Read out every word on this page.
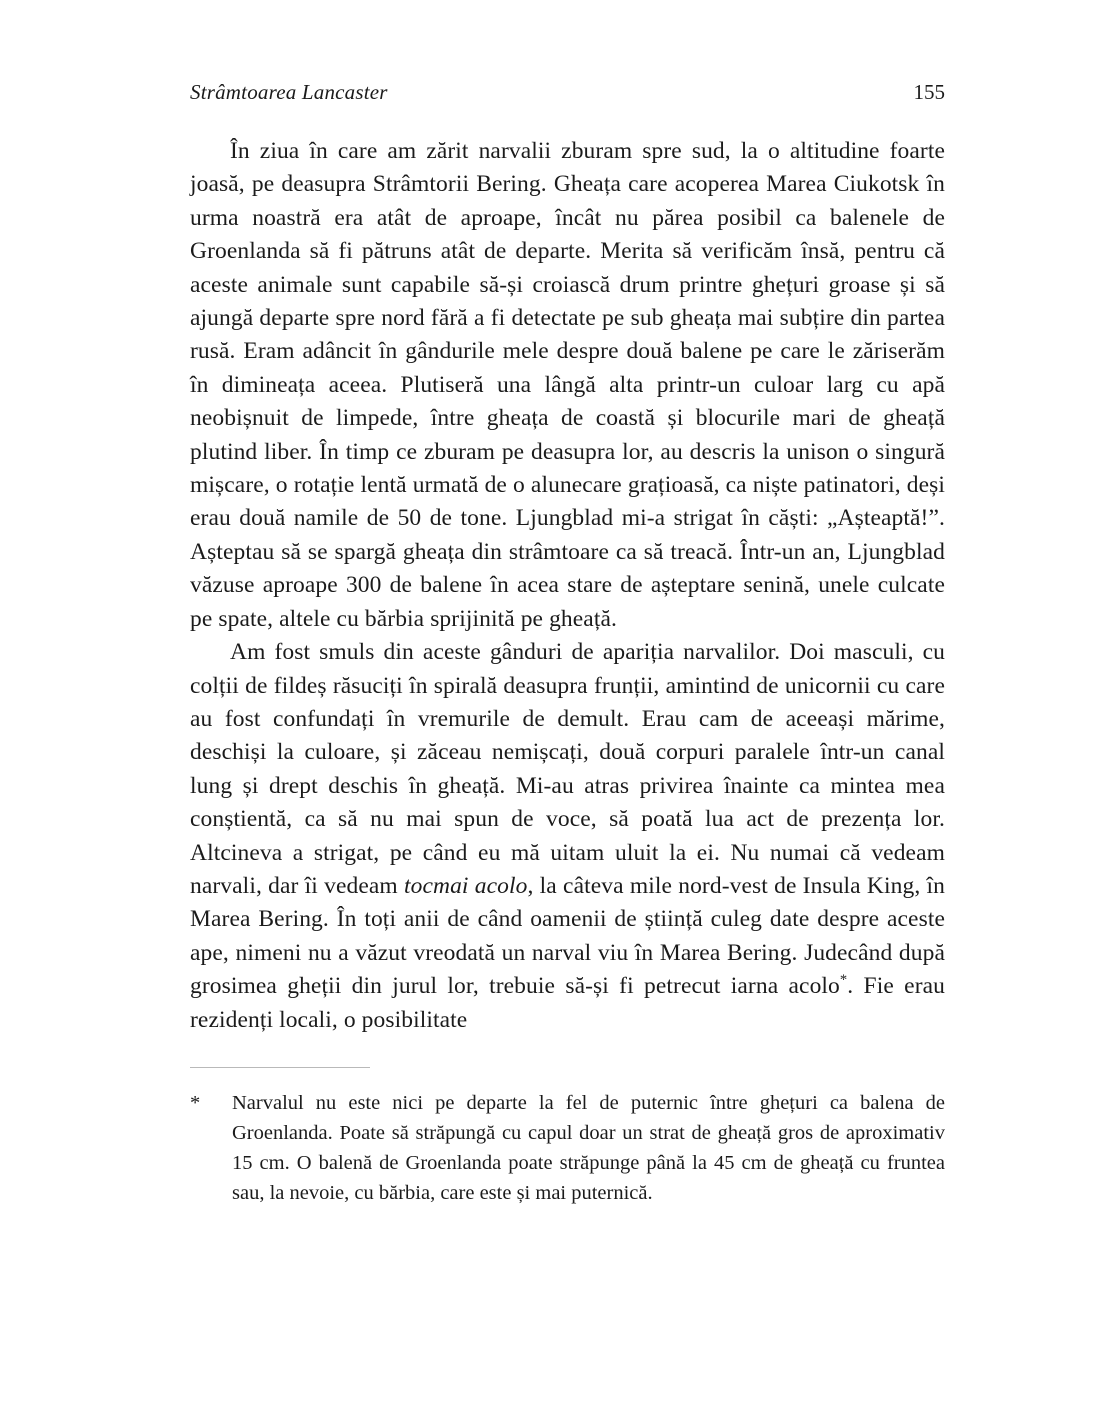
Strâmtoarea Lancaster	155

În ziua în care am zărit narvalii zburam spre sud, la o altitudine foarte joasă, pe deasupra Strâmtorii Bering. Gheața care acoperea Marea Ciukotsk în urma noastră era atât de aproape, încât nu părea posibil ca balenele de Groenlanda să fi pătruns atât de departe. Merita să verificăm însă, pentru că aceste animale sunt capabile să-și croiască drum printre ghețuri groase și să ajungă departe spre nord fără a fi detectate pe sub gheața mai subțire din partea rusă. Eram adâncit în gândurile mele despre două balene pe care le zăriserăm în dimineața aceea. Plutiseră una lângă alta printr-un culoar larg cu apă neobișnuit de limpede, între gheața de coastă și blocurile mari de gheață plutind liber. În timp ce zburam pe deasupra lor, au descris la unison o singură mișcare, o rotație lentă urmată de o alunecare grațioasă, ca niște patinatori, deși erau două namile de 50 de tone. Ljungblad mi-a strigat în căști: „Așteaptă!”. Așteptau să se spargă gheața din strâmtoare ca să treacă. Într-un an, Ljungblad văzuse aproape 300 de balene în acea stare de așteptare senină, unele culcate pe spate, altele cu bărbia sprijinită pe gheață.

Am fost smuls din aceste gânduri de apariția narvalilor. Doi masculi, cu colții de fildeș răsuciți în spirală deasupra frunții, amintind de unicornii cu care au fost confundați în vremurile de demult. Erau cam de aceeași mărime, deschiși la culoare, și zăceau nemișcați, două corpuri paralele într-un canal lung și drept deschis în gheață. Mi-au atras privirea înainte ca mintea mea conștientă, ca să nu mai spun de voce, să poată lua act de prezența lor. Altcineva a strigat, pe când eu mă uitam uluit la ei. Nu numai că vedeam narvali, dar îi vedeam tocmai acolo, la câteva mile nord-vest de Insula King, în Marea Bering. În toți anii de când oamenii de știință culeg date despre aceste ape, nimeni nu a văzut vreodată un narval viu în Marea Bering. Judecând după grosimea gheții din jurul lor, trebuie să-și fi petrecut iarna acolo*. Fie erau rezidenți locali, o posibilitate

*	Narvalul nu este nici pe departe la fel de puternic între ghețuri ca balena de Groenlanda. Poate să străpungă cu capul doar un strat de gheață gros de aproximativ 15 cm. O balenă de Groenlanda poate străpunge până la 45 cm de gheață cu fruntea sau, la nevoie, cu bărbia, care este și mai puternică.
